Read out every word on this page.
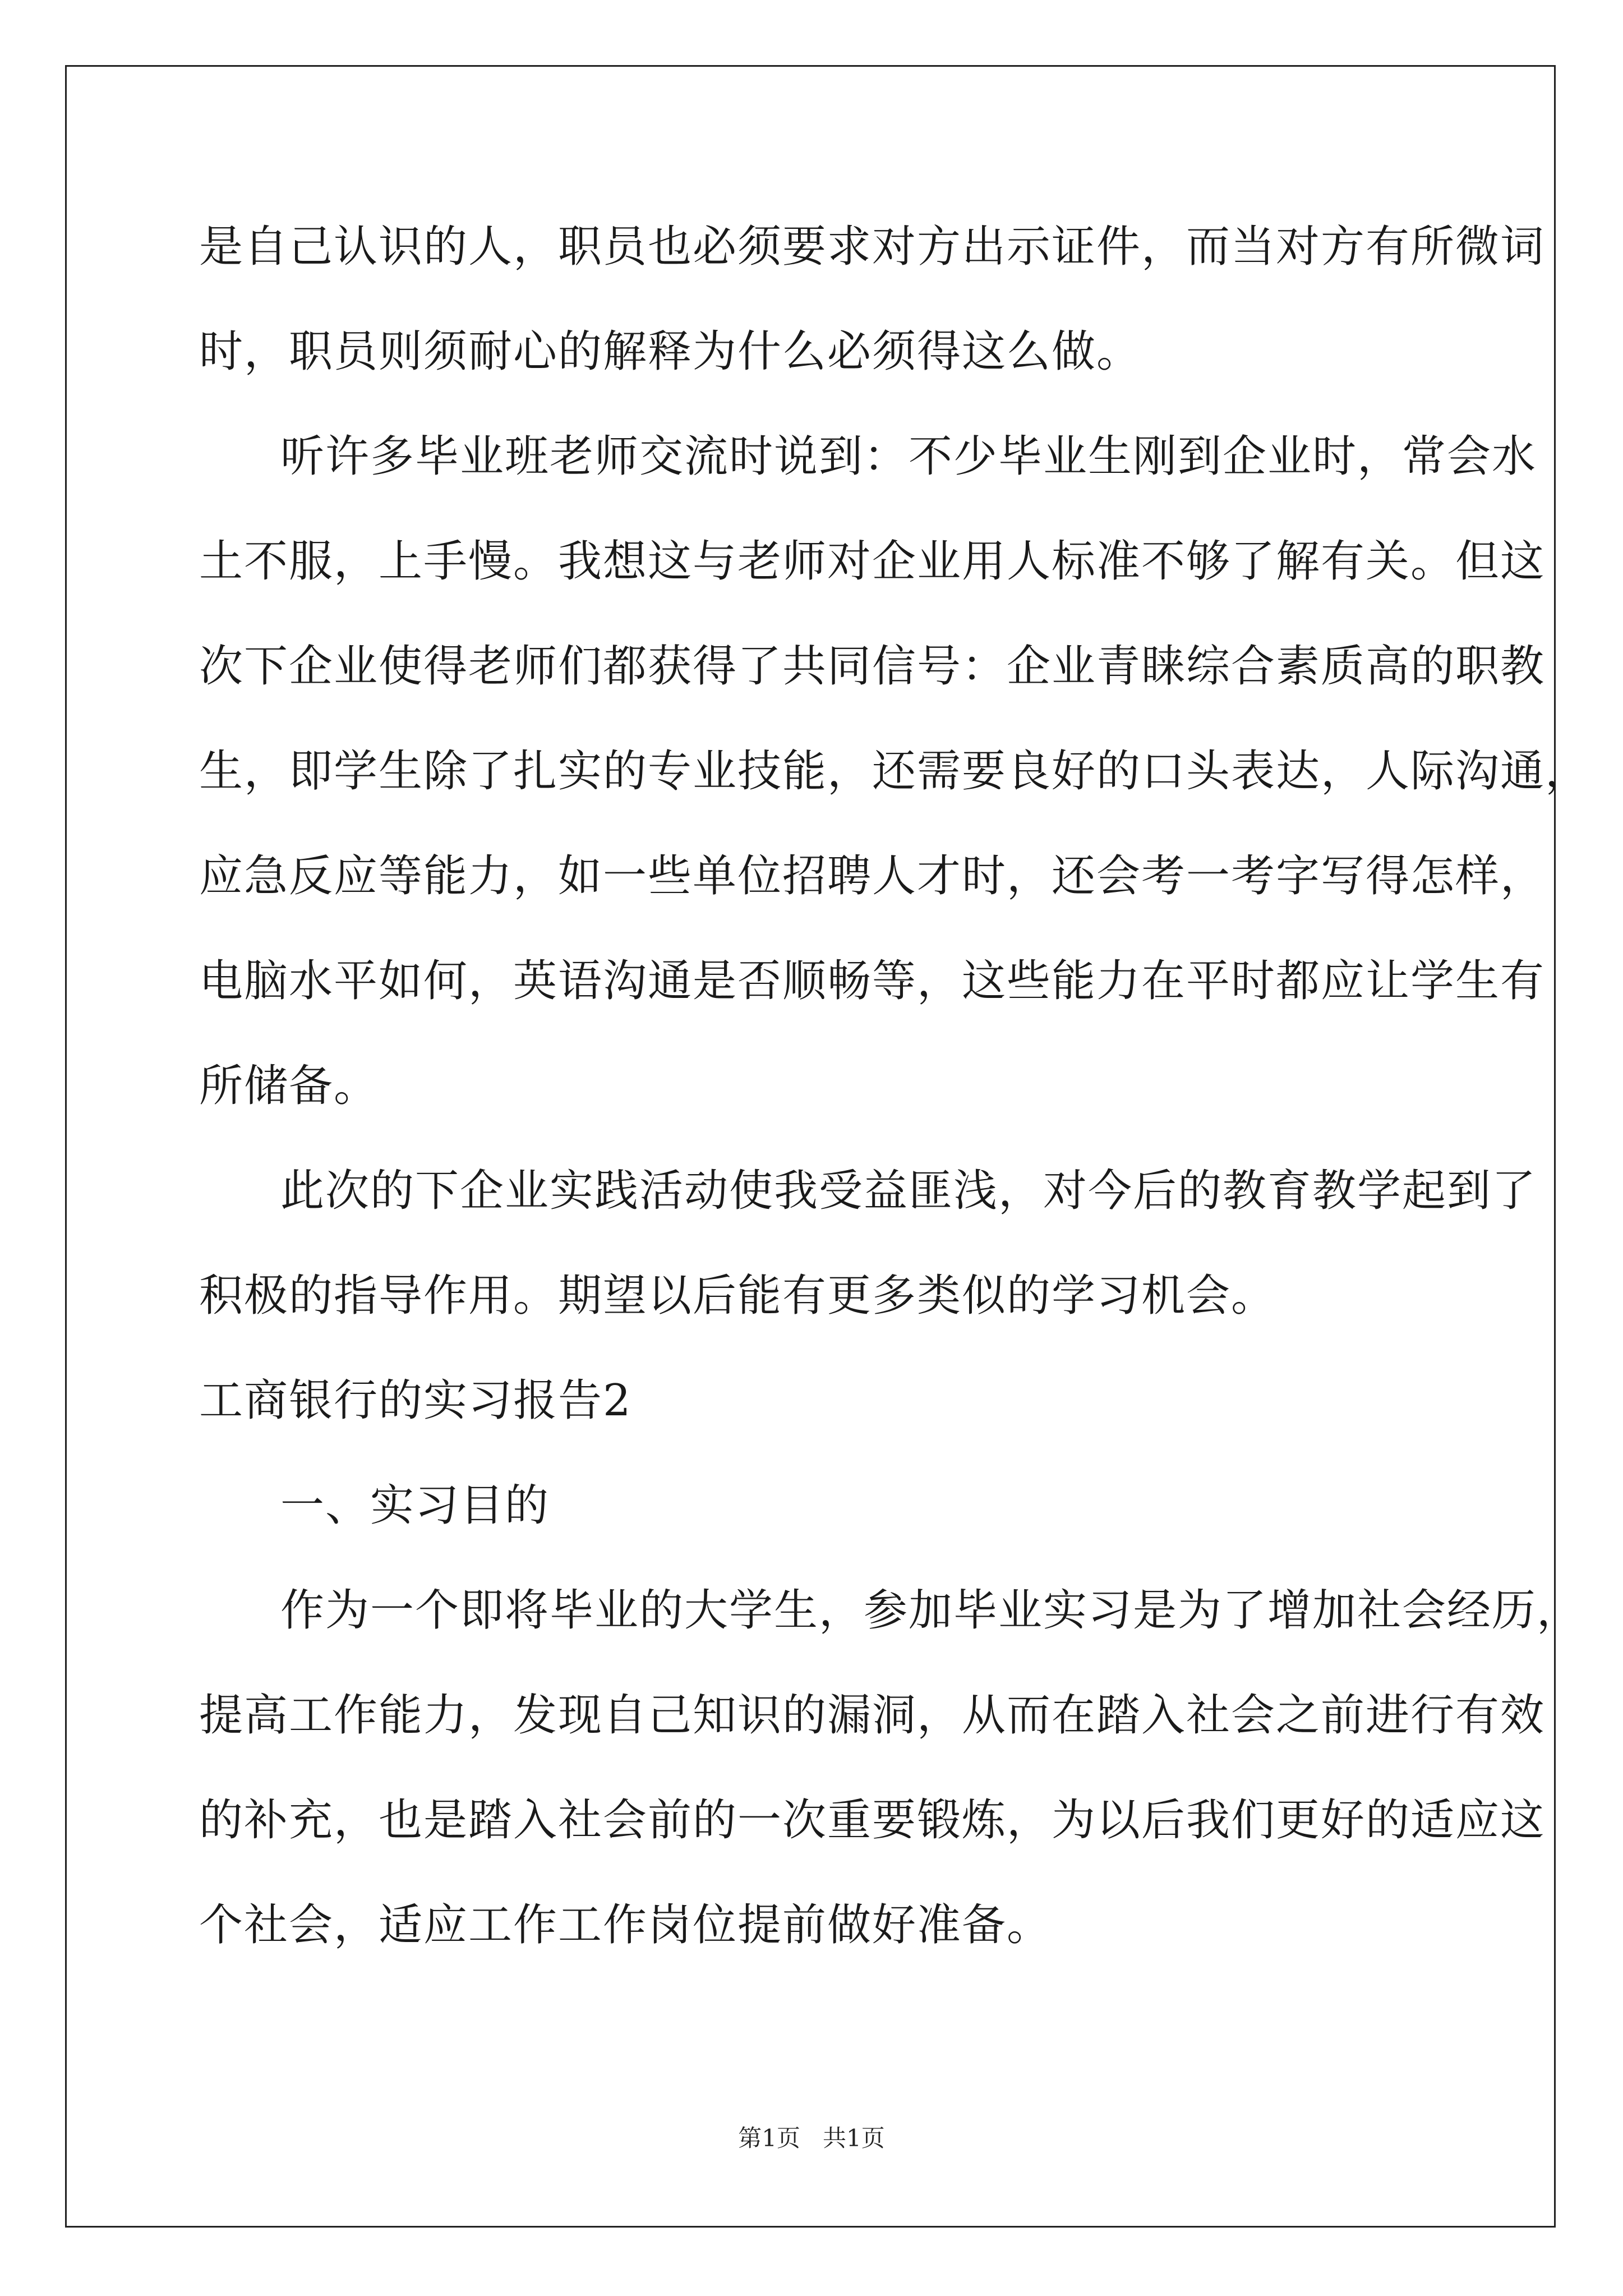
是自己认识的人，职员也必须要求对方出示证件，而当对方有所微词
时，职员则须耐心的解释为什么必须得这么做。
听许多毕业班老师交流时说到：不少毕业生刚到企业时，常会水
土不服，上手慢。我想这与老师对企业用人标准不够了解有关。但这
次下企业使得老师们都获得了共同信号：企业青睐综合素质高的职教
生，即学生除了扎实的专业技能，还需要良好的口头表达，人际沟通，
应急反应等能力，如一些单位招聘人才时，还会考一考字写得怎样，
电脑水平如何，英语沟通是否顺畅等，这些能力在平时都应让学生有
所储备。
此次的下企业实践活动使我受益匪浅，对今后的教育教学起到了
积极的指导作用。期望以后能有更多类似的学习机会。
工商银行的实习报告2
一、实习目的
作为一个即将毕业的大学生，参加毕业实习是为了增加社会经历，
提高工作能力，发现自己知识的漏洞，从而在踏入社会之前进行有效
的补充，也是踏入社会前的一次重要锻炼，为以后我们更好的适应这
个社会，适应工作工作岗位提前做好准备。
第1页 共1页
